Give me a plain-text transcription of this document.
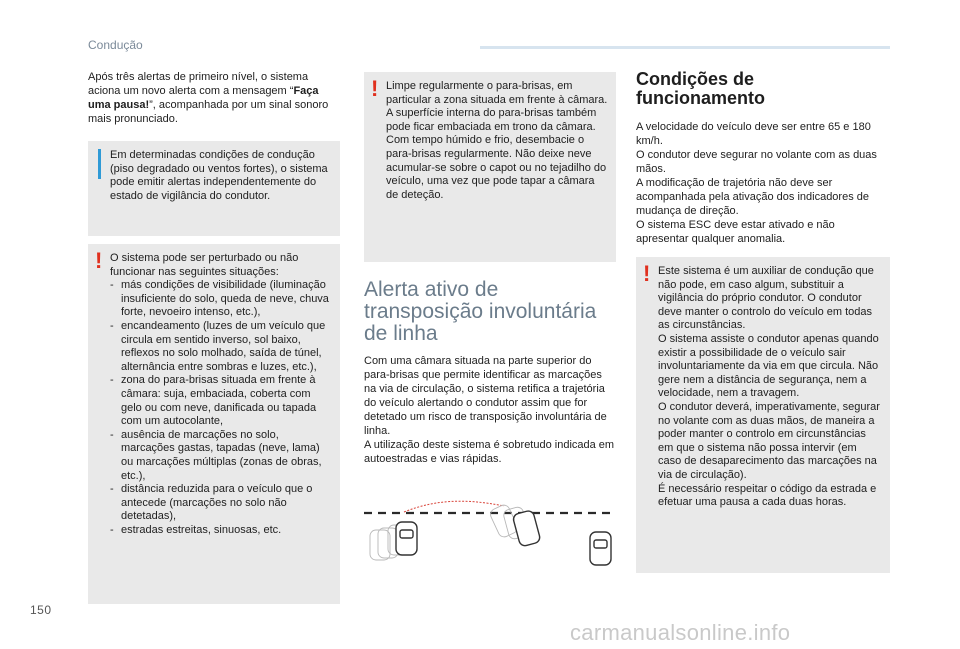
Condução

Após três alertas de primeiro nível, o sistema aciona um novo alerta com a mensagem “Faça uma pausa!”, acompanhada por um sinal sonoro mais pronunciado.

Em determinadas condições de condução (piso degradado ou ventos fortes), o sistema pode emitir alertas independentemente do estado de vigilância do condutor.

! O sistema pode ser perturbado ou não funcionar nas seguintes situações:

- más condições de visibilidade (iluminação insuficiente do solo, queda de neve, chuva forte, nevoeiro intenso, etc.),
- encandeamento (luzes de um veículo que circula em sentido inverso, sol baixo, reflexos no solo molhado, saída de túnel, alternância entre sombras e luzes, etc.),
- zona do para-brisas situada em frente à câmara: suja, embaciada, coberta com gelo ou com neve, danificada ou tapada com um autocolante,
- ausência de marcações no solo, marcações gastas, tapadas (neve, lama) ou marcações múltiplas (zonas de obras, etc.),
- distância reduzida para o veículo que o antecede (marcações no solo não detetadas),
- estradas estreitas, sinuosas, etc.
! Limpe regularmente o para-brisas, em particular a zona situada em frente à câmara.

A superfície interna do para-brisas também pode ficar embaciada em trono da câmara. Com tempo húmido e frio, desembacie o para-brisas regularmente. Não deixe neve acumular-se sobre o capot ou no tejadilho do veículo, uma vez que pode tapar a câmara de deteção.

Alerta ativo de
transposição involuntária
de linha

Com uma câmara situada na parte superior do para-brisas que permite identificar as marcações na via de circulação, o sistema retifica a trajetória do veículo alertando o condutor assim que for detetado um risco de transposição involuntária de linha.

A utilização deste sistema é sobretudo indicada em autoestradas e vias rápidas.

Condições de
funcionamento

A velocidade do veículo deve ser entre 65 e 180 km/h.

O condutor deve segurar no volante com as duas mãos.

A modificação de trajetória não deve ser acompanhada pela ativação dos indicadores de mudança de direção.

O sistema ESC deve estar ativado e não apresentar qualquer anomalia.

! Este sistema é um auxiliar de condução que não pode, em caso algum, substituir a vigilância do próprio condutor. O condutor deve manter o controlo do veículo em todas as circunstâncias.

O sistema assiste o condutor apenas quando existir a possibilidade de o veículo sair involuntariamente da via em que circula. Não gere nem a distância de segurança, nem a velocidade, nem a travagem.

O condutor deverá, imperativamente, segurar no volante com as duas mãos, de maneira a poder manter o controlo em circunstâncias em que o sistema não possa intervir (em caso de desaparecimento das marcações na via de circulação).

É necessário respeitar o código da estrada e efetuar uma pausa a cada duas horas.

150
carmanualsonline.info
